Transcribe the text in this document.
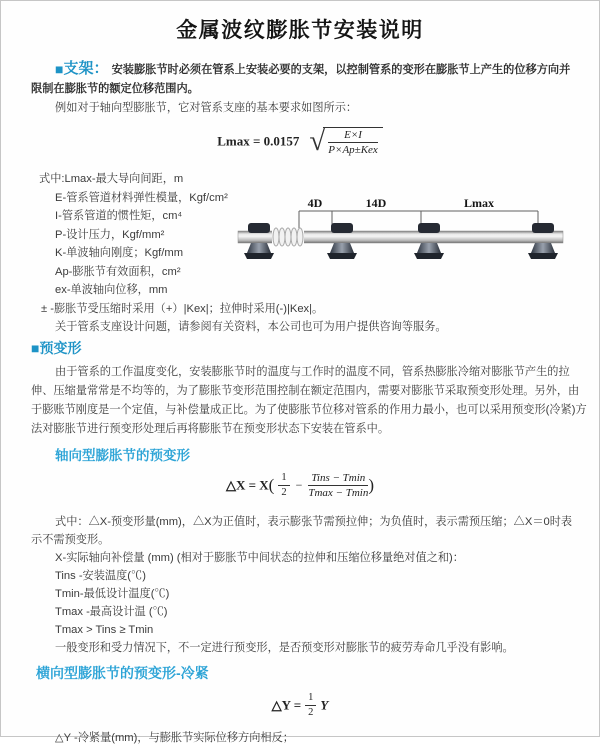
金属波纹膨胀节安装说明
■支架： 安装膨胀节时必须在管系上安装必要的支架，以控制管系的变形在膨胀节上产生的位移方向并
限制在膨胀节的额定位移范围内。
例如对于轴向型膨胀节，它对管系支座的基本要求如图所示：
Lmax = 0.0157 √ $\frac{E\times I}{\text{P×Ap±Kex}}$
式中:Lmax-最大导向间距，m
E-管系管道材料弹性模量，Kgf/cm²
I-管系管道的惯性矩，cm⁴
P-设计压力，Kgf/mm²
K-单波轴向刚度；Kgf/mm
Ap-膨胀节有效面积，cm²
ex-单波轴向位移，mm
± -膨胀节受压缩时采用（+）|Kex|；拉伸时采用(-)|Kex|。
关于管系支座设计问题，请参阅有关资料，本公司也可为用户提供咨询等服务。
■预变形
由于管系的工作温度变化，安装膨胀节时的温度与工作时的温度不同，管系热膨胀冷缩对膨胀节产生的拉
伸、压缩量常常是不均等的，为了膨胀节变形范围控制在额定范围内，需要对膨胀节采取预变形处理。另外，由
于膨账节刚度是一个定值，与补偿量成正比。为了使膨胀节位移对管系的作用力最小，也可以采用预变形(冷紧)方
法对膨胀节进行预变形处理后再将膨胀节在预变形状态下安装在管系中。
轴向型膨胀节的预变形
△X = $X( \frac{1}{2} - \frac{\text{Tins − Tmin}}{Tmax - Tmin}$ )
式中：△X-预变形量(mm)，△X为正值时，表示膨张节需预拉伸；为负值时，表示需预压缩；△X＝0时表
示不需预变形。
X-实际轴向补偿量 (mm) (相对于膨胀节中间状态的拉伸和压缩位移量绝对值之和)：
Tins -安装温度(℃)
Tmin-最低设计温度(℃)
Tmax -最高设计温 (℃)
Tmax > Tins ≥ Tmin
一般变形和受力情况下，不一定进行预变形，是否预变形对膨胀节的疲劳寿命几乎没有影响。
横向型膨胀节的预变形-冷紧
△Y = $\frac{1}{2}$ Y
△Y -冷紧量(mm)，与膨胀节实际位移方向相反；
4D	14D	Lmax
